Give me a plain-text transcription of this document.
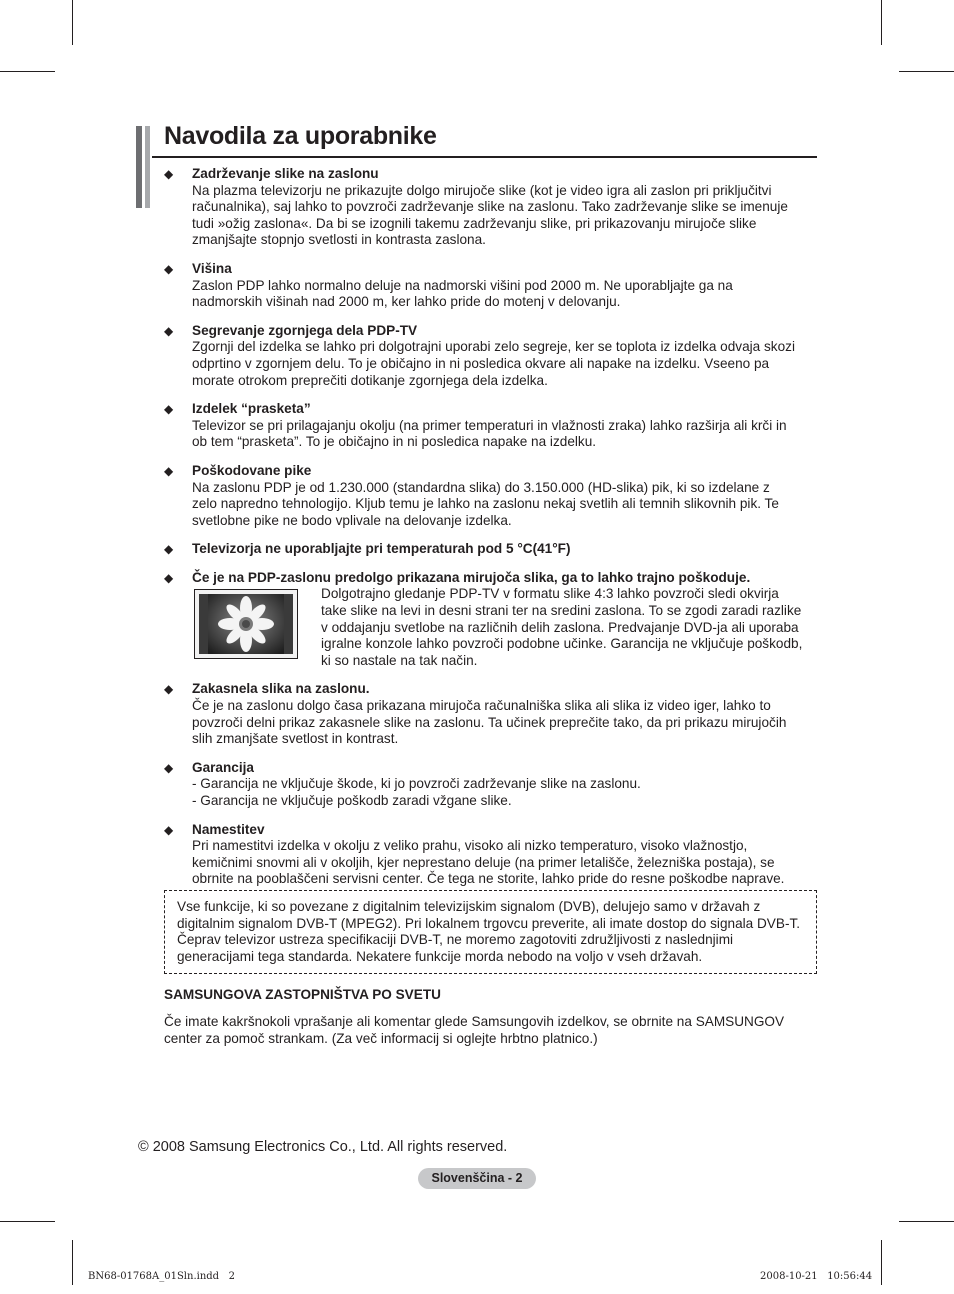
Navodila za uporabnike
◆ Zadrževanje slike na zaslonu
Na plazma televizorju ne prikazujte dolgo mirujoče slike (kot je video igra ali zaslon pri priključitvi
računalnika), saj lahko to povzroči zadrževanje slike na zaslonu. Tako zadrževanje slike se imenuje
tudi »ožig zaslona«. Da bi se izognili takemu zadrževanju slike, pri prikazovanju mirujoče slike
zmanjšajte stopnjo svetlosti in kontrasta zaslona.
◆ Višina
Zaslon PDP lahko normalno deluje na nadmorski višini pod 2000 m. Ne uporabljajte ga na
nadmorskih višinah nad 2000 m, ker lahko pride do motenj v delovanju.
◆ Segrevanje zgornjega dela PDP-TV
Zgornji del izdelka se lahko pri dolgotrajni uporabi zelo segreje, ker se toplota iz izdelka odvaja skozi
odprtino v zgornjem delu. To je običajno in ni posledica okvare ali napake na izdelku. Vseeno pa
morate otrokom preprečiti dotikanje zgornjega dela izdelka.
◆ Izdelek “prasketa”
Televizor se pri prilagajanju okolju (na primer temperaturi in vlažnosti zraka) lahko razširja ali krči in
ob tem “prasketa”. To je običajno in ni posledica napake na izdelku.
◆ Poškodovane pike
Na zaslonu PDP je od 1.230.000 (standardna slika) do 3.150.000 (HD-slika) pik, ki so izdelane z
zelo napredno tehnologijo. Kljub temu je lahko na zaslonu nekaj svetlih ali temnih slikovnih pik. Te
svetlobne pike ne bodo vplivale na delovanje izdelka.
◆ Televizorja ne uporabljajte pri temperaturah pod 5 °C(41°F)
◆ Če je na PDP-zaslonu predolgo prikazana mirujoča slika, ga to lahko trajno poškoduje.
Dolgotrajno gledanje PDP-TV v formatu slike 4:3 lahko povzroči sledi okvirja
take slike na levi in desni strani ter na sredini zaslona. To se zgodi zaradi razlike
v oddajanju svetlobe na različnih delih zaslona. Predvajanje DVD-ja ali uporaba
igralne konzole lahko povzroči podobne učinke. Garancija ne vključuje poškodb,
ki so nastale na tak način.
◆ Zakasnela slika na zaslonu.
Če je na zaslonu dolgo časa prikazana mirujoča računalniška slika ali slika iz video iger, lahko to
povzroči delni prikaz zakasnele slike na zaslonu. Ta učinek preprečite tako, da pri prikazu mirujočih
slih zmanjšate svetlost in kontrast.
◆ Garancija
- Garancija ne vključuje škode, ki jo povzroči zadrževanje slike na zaslonu.
- Garancija ne vključuje poškodb zaradi vžgane slike.
◆ Namestitev
Pri namestitvi izdelka v okolju z veliko prahu, visoko ali nizko temperaturo, visoko vlažnostjo,
kemičnimi snovmi ali v okoljih, kjer neprestano deluje (na primer letališče, železniška postaja), se
obrnite na pooblaščeni servisni center. Če tega ne storite, lahko pride do resne poškodbe naprave.
Vse funkcije, ki so povezane z digitalnim televizijskim signalom (DVB), delujejo samo v državah z digitalnim signalom DVB-T (MPEG2). Pri lokalnem trgovcu preverite, ali imate dostop do signala DVB-T. Čeprav televizor ustreza specifikaciji DVB-T, ne moremo zagotoviti združljivosti z naslednjimi generacijami tega standarda. Nekatere funkcije morda nebodo na voljo v vseh državah.
SAMSUNGOVA ZASTOPNIŠTVA PO SVETU
Če imate kakršnokoli vprašanje ali komentar glede Samsungovih izdelkov, se obrnite na SAMSUNGOV center za pomoč strankam. (Za več informacij si oglejte hrbtno platnico.)
© 2008 Samsung Electronics Co., Ltd. All rights reserved.
Slovenščina - 2
BN68-01768A_01Sln.indd   2	2008-10-21   10:56:44
